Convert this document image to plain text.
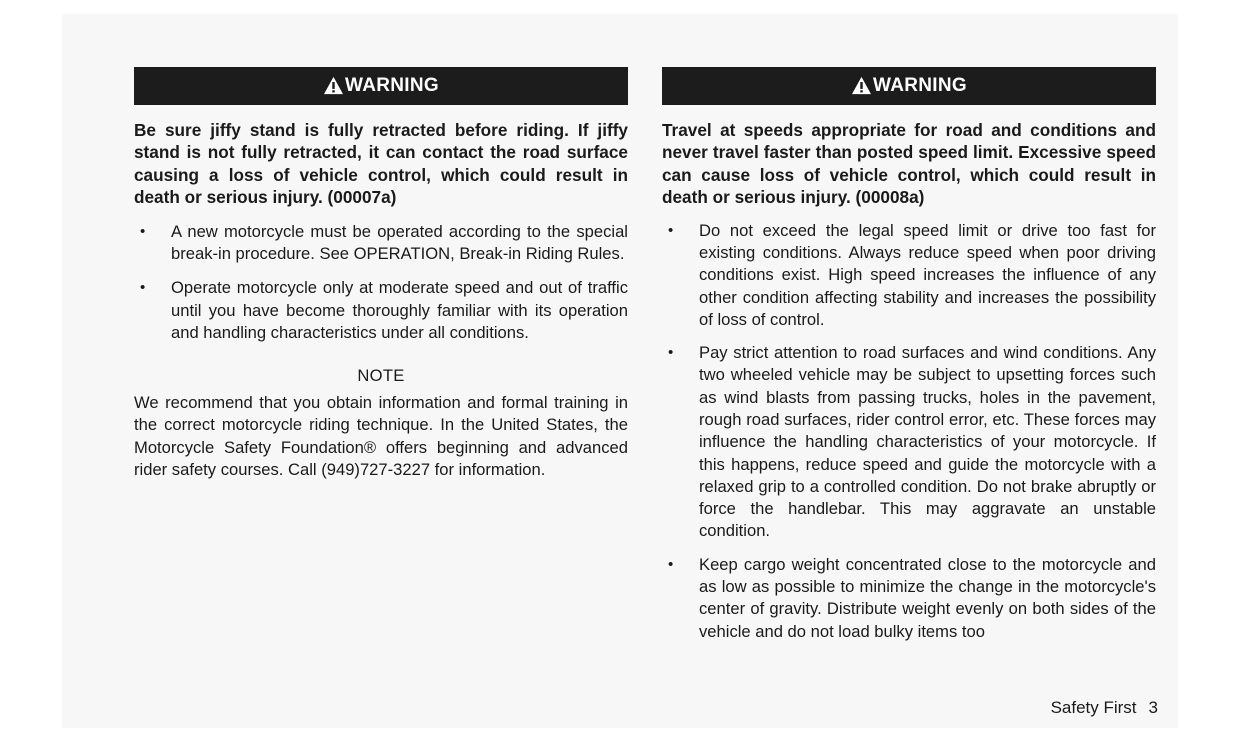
WARNING
Be sure jiffy stand is fully retracted before riding. If jiffy stand is not fully retracted, it can contact the road surface causing a loss of vehicle control, which could result in death or serious injury. (00007a)
• A new motorcycle must be operated according to the special break-in procedure. See OPERATION, Break-in Riding Rules.
• Operate motorcycle only at moderate speed and out of traffic until you have become thoroughly familiar with its operation and handling characteristics under all conditions.
NOTE
We recommend that you obtain information and formal training in the correct motorcycle riding technique. In the United States, the Motorcycle Safety Foundation® offers beginning and advanced rider safety courses. Call (949)727-3227 for information.
WARNING
Travel at speeds appropriate for road and conditions and never travel faster than posted speed limit. Excessive speed can cause loss of vehicle control, which could result in death or serious injury. (00008a)
• Do not exceed the legal speed limit or drive too fast for existing conditions. Always reduce speed when poor driving conditions exist. High speed increases the influence of any other condition affecting stability and increases the possibility of loss of control.
• Pay strict attention to road surfaces and wind conditions. Any two wheeled vehicle may be subject to upsetting forces such as wind blasts from passing trucks, holes in the pavement, rough road surfaces, rider control error, etc. These forces may influence the handling characteristics of your motorcycle. If this happens, reduce speed and guide the motorcycle with a relaxed grip to a controlled condition. Do not brake abruptly or force the handlebar. This may aggravate an unstable condition.
• Keep cargo weight concentrated close to the motorcycle and as low as possible to minimize the change in the motorcycle's center of gravity. Distribute weight evenly on both sides of the vehicle and do not load bulky items too
Safety First 3
